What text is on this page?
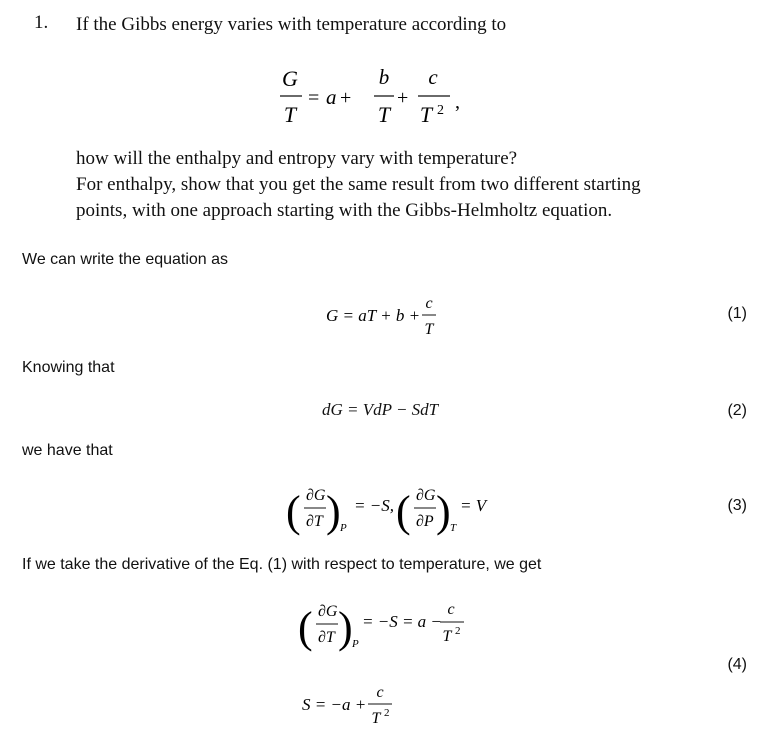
1. If the Gibbs energy varies with temperature according to
G
T
= a +
b
T
+
c
T 2 ,
how will the enthalpy and entropy vary with temperature?
For enthalpy, show that you get the same result from two different starting
points, with one approach starting with the Gibbs-Helmholtz equation.
We can write the equation as
G = aT + b +
c
T
(1)
Knowing that
dG = VdP − SdT	(2)
we have that
( ∂G
∂T ) P
= −S, ( ∂G
∂P ) T
= V	(3)
If we take the derivative of the Eq. (1) with respect to temperature, we get
( ∂G
∂T ) P
= −S = a −
c
T 2
(4)
S = −a +
c
T 2
